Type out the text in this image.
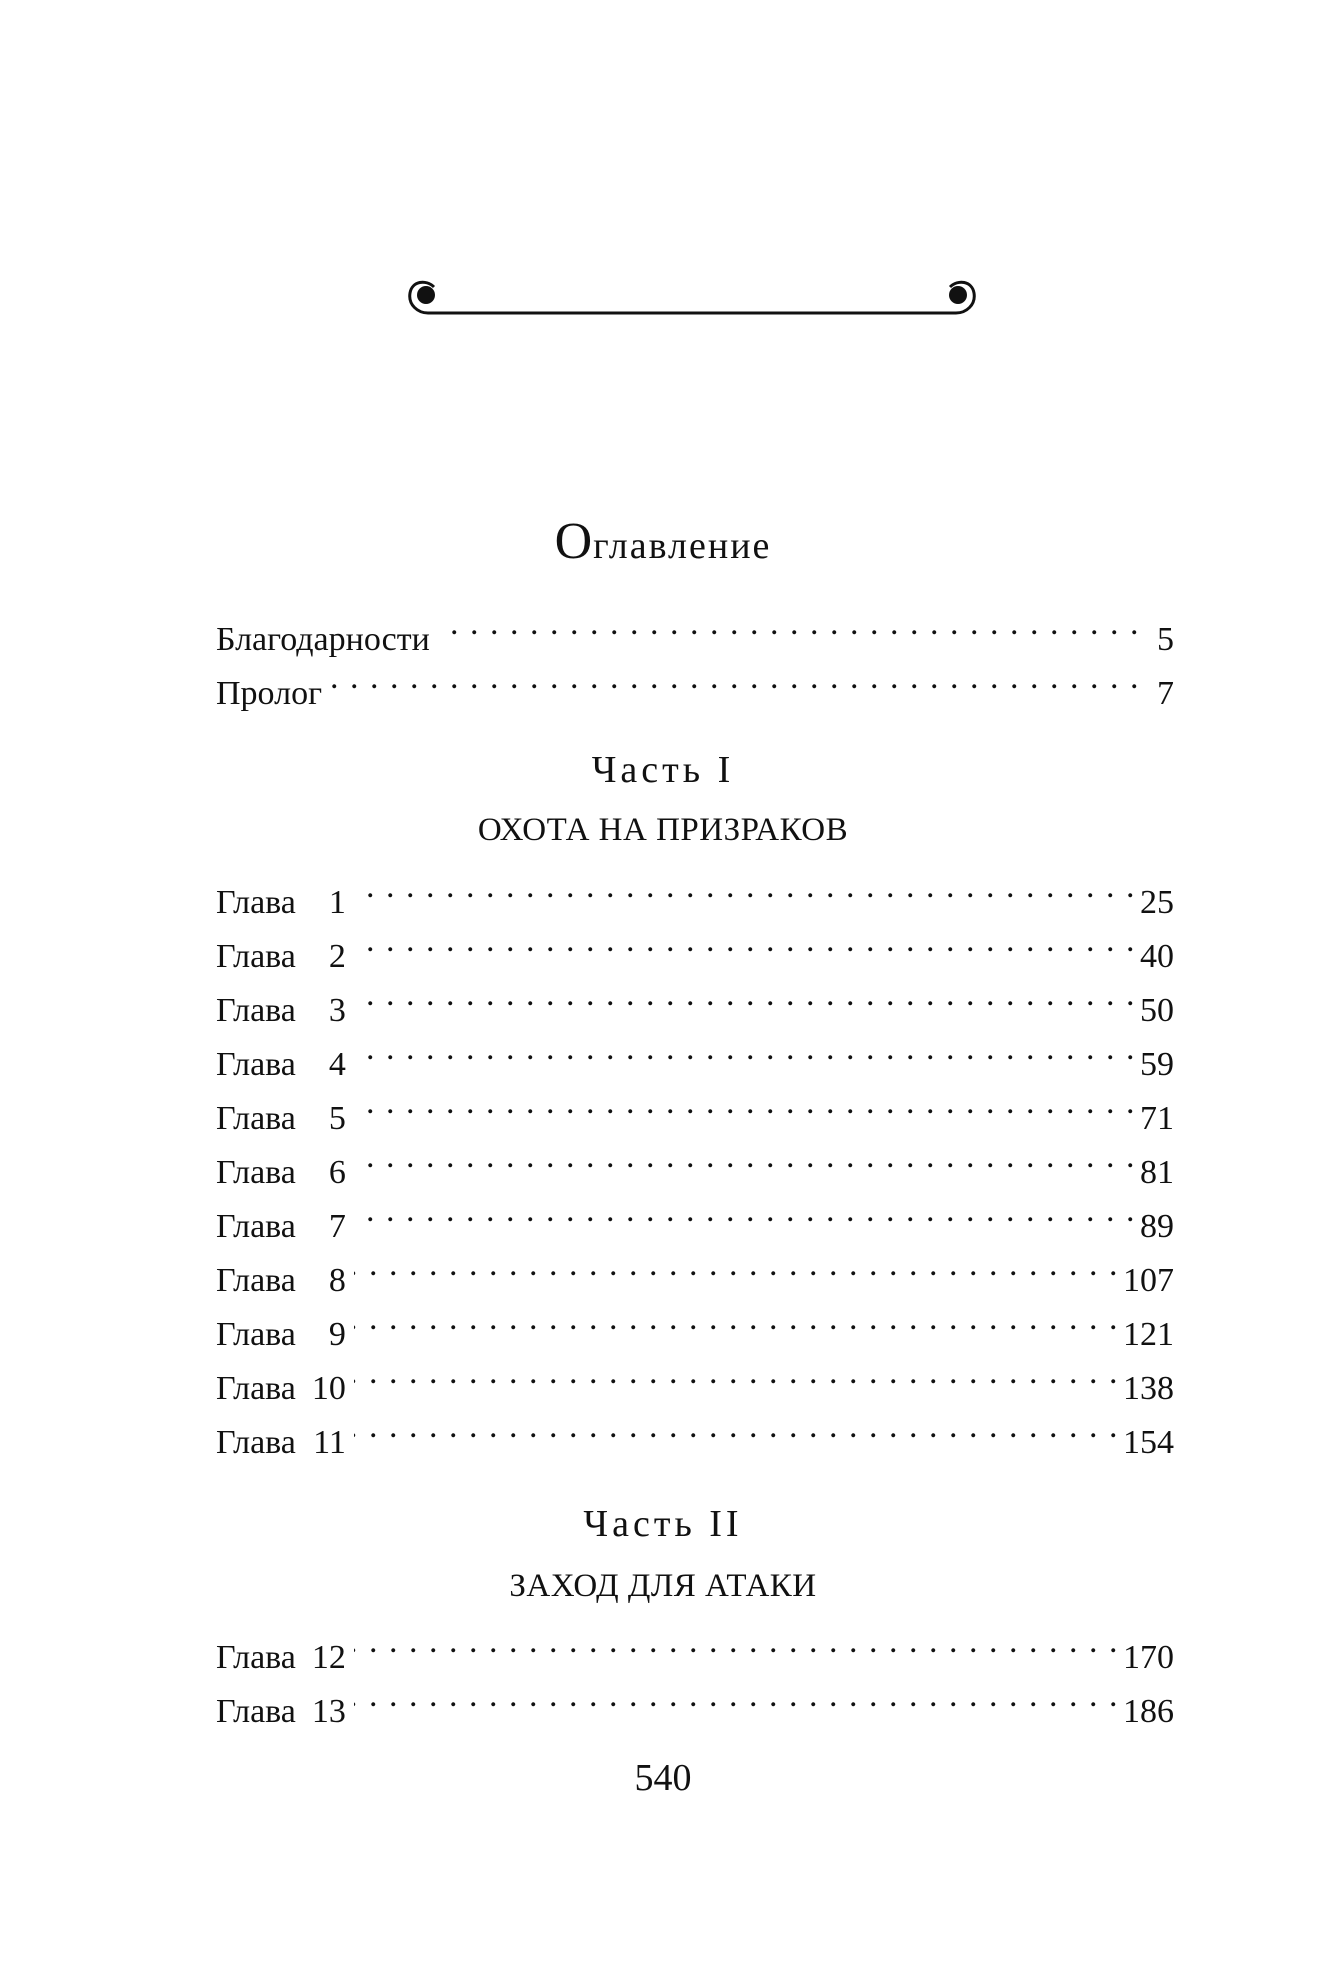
Оглавление
Благодарности . . .	5
Пролог . . .	7
Часть I
ОХОТА НА ПРИЗРАКОВ
Глава 1 . . .	25
Глава 2 . . .	40
Глава 3 . . .	50
Глава 4 . . .	59
Глава 5 . . .	71
Глава 6 . . .	81
Глава 7 . . .	89
Глава 8 . . .	107
Глава 9 . . .	121
Глава 10 . . .	138
Глава 11 . . .	154
Часть II
ЗАХОД ДЛЯ АТАКИ
Глава 12 . . .	170
Глава 13 . . .	186
540
